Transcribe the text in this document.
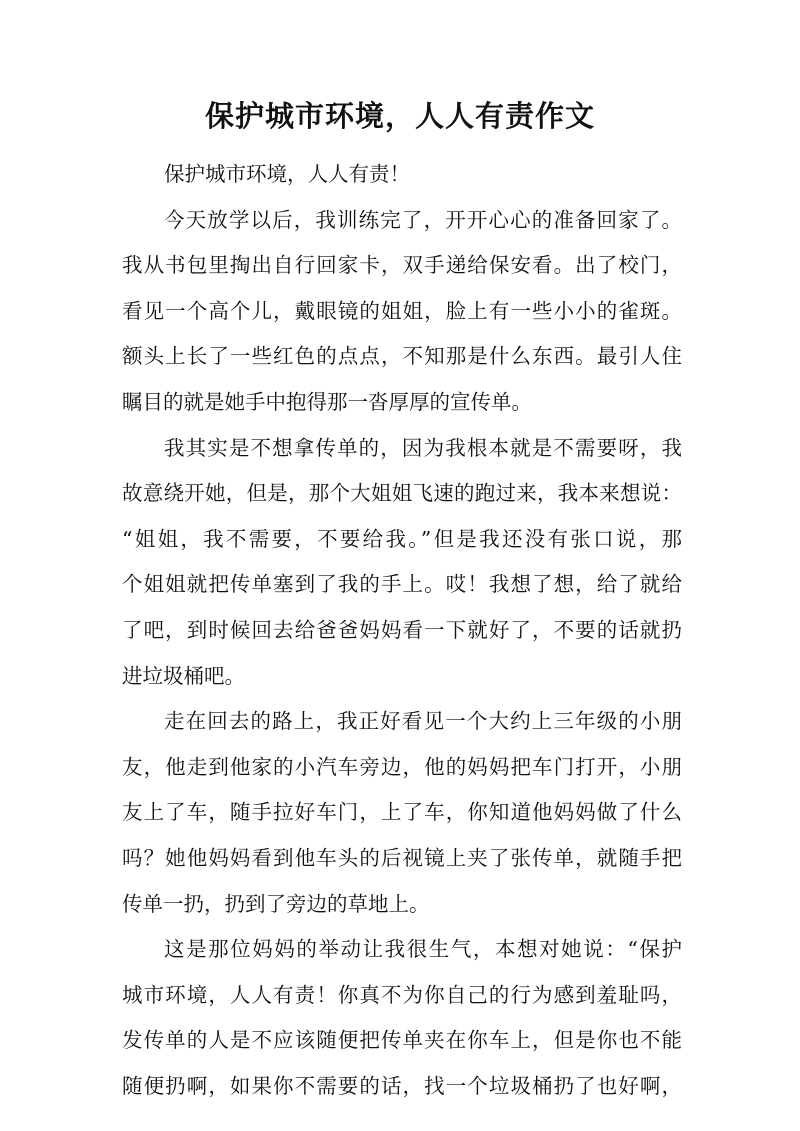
保护城市环境，人人有责作文
保护城市环境，人人有责！
今天放学以后，我训练完了，开开心心的准备回家了。
我从书包里掏出自行回家卡，双手递给保安看。出了校门，
看见一个高个儿，戴眼镜的姐姐，脸上有一些小小的雀斑。
额头上长了一些红色的点点，不知那是什么东西。最引人住
瞩目的就是她手中抱得那一沓厚厚的宣传单。
我其实是不想拿传单的，因为我根本就是不需要呀，我
故意绕开她，但是，那个大姐姐飞速的跑过来，我本来想说：
“姐姐，我不需要，不要给我。”但是我还没有张口说，那
个姐姐就把传单塞到了我的手上。哎！我想了想，给了就给
了吧，到时候回去给爸爸妈妈看一下就好了，不要的话就扔
进垃圾桶吧。
走在回去的路上，我正好看见一个大约上三年级的小朋
友，他走到他家的小汽车旁边，他的妈妈把车门打开，小朋
友上了车，随手拉好车门，上了车，你知道他妈妈做了什么
吗？她他妈妈看到他车头的后视镜上夹了张传单，就随手把
传单一扔，扔到了旁边的草地上。
这是那位妈妈的举动让我很生气，本想对她说：“保护
城市环境，人人有责！你真不为你自己的行为感到羞耻吗，
发传单的人是不应该随便把传单夹在你车上，但是你也不能
随便扔啊，如果你不需要的话，找一个垃圾桶扔了也好啊，
